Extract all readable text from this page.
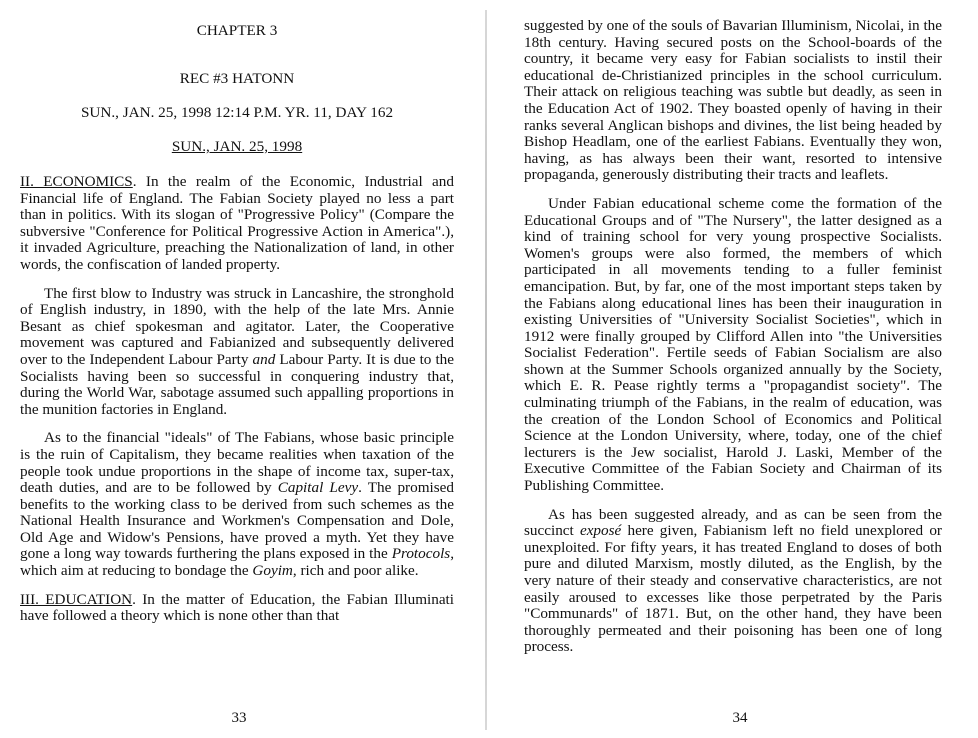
CHAPTER 3
REC #3 HATONN
SUN., JAN. 25, 1998 12:14 P.M. YR. 11, DAY 162
SUN., JAN. 25, 1998

II. ECONOMICS. In the realm of the Economic, Industrial and Financial life of England. The Fabian Society played no less a part than in politics. With its slogan of "Progressive Policy" (Compare the subversive "Conference for Political Progressive Action in America".), it invaded Agriculture, preaching the Nationalization of land, in other words, the confiscation of landed property.

The first blow to Industry was struck in Lancashire, the stronghold of English industry, in 1890, with the help of the late Mrs. Annie Besant as chief spokesman and agitator. Later, the Cooperative movement was captured and Fabianized and subsequently delivered over to the Independent Labour Party and Labour Party. It is due to the Socialists having been so successful in conquering industry that, during the World War, sabotage assumed such appalling proportions in the munition factories in England.

As to the financial "ideals" of The Fabians, whose basic principle is the ruin of Capitalism, they became realities when taxation of the people took undue proportions in the shape of income tax, super-tax, death duties, and are to be followed by Capital Levy. The promised benefits to the working class to be derived from such schemes as the National Health Insurance and Workmen's Compensation and Dole, Old Age and Widow's Pensions, have proved a myth. Yet they have gone a long way towards furthering the plans exposed in the Protocols, which aim at reducing to bondage the Goyim, rich and poor alike.

III. EDUCATION. In the matter of Education, the Fabian Illuminati have followed a theory which is none other than that

33

suggested by one of the souls of Bavarian Illuminism, Nicolai, in the 18th century. Having secured posts on the School-boards of the country, it became very easy for Fabian socialists to instil their educational de-Christianized principles in the school curriculum. Their attack on religious teaching was subtle but deadly, as seen in the Education Act of 1902. They boasted openly of having in their ranks several Anglican bishops and divines, the list being headed by Bishop Headlam, one of the earliest Fabians. Eventually they won, having, as has always been their want, resorted to intensive propaganda, generously distributing their tracts and leaflets.

Under Fabian educational scheme come the formation of the Educational Groups and of "The Nursery", the latter designed as a kind of training school for very young prospective Socialists. Women's groups were also formed, the members of which participated in all movements tending to a fuller feminist emancipation. But, by far, one of the most important steps taken by the Fabians along educational lines has been their inauguration in existing Universities of "University Socialist Societies", which in 1912 were finally grouped by Clifford Allen into "the Universities Socialist Federation". Fertile seeds of Fabian Socialism are also shown at the Summer Schools organized annually by the Society, which E. R. Pease rightly terms a "propagandist society". The culminating triumph of the Fabians, in the realm of education, was the creation of the London School of Economics and Political Science at the London University, where, today, one of the chief lecturers is the Jew socialist, Harold J. Laski, Member of the Executive Committee of the Fabian Society and Chairman of its Publishing Committee.

As has been suggested already, and as can be seen from the succinct exposé here given, Fabianism left no field unexplored or unexploited. For fifty years, it has treated England to doses of both pure and diluted Marxism, mostly diluted, as the English, by the very nature of their steady and conservative characteristics, are not easily aroused to excesses like those perpetrated by the Paris "Communards" of 1871. But, on the other hand, they have been thoroughly permeated and their poisoning has been one of long process.

34
